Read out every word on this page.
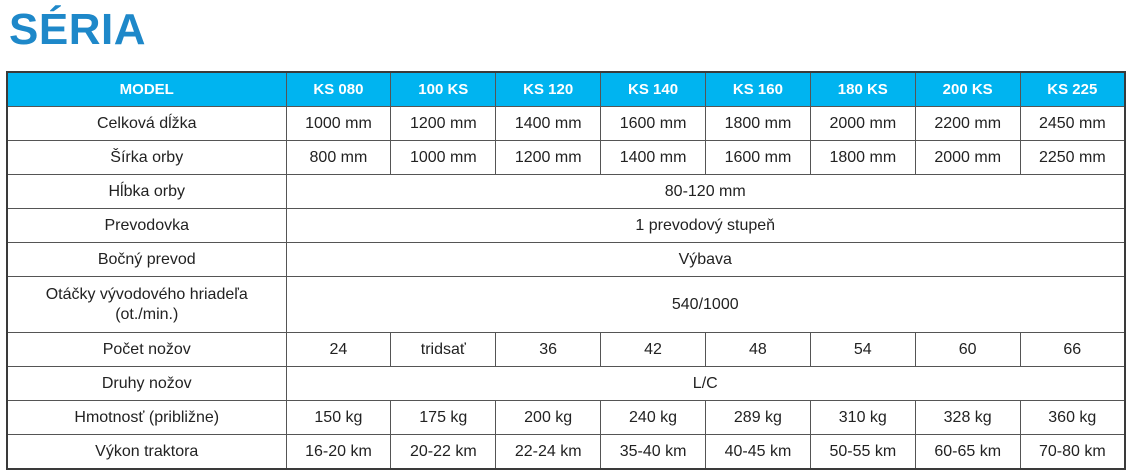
SÉRIA
MODEL	KS 080	100 KS	KS 120	KS 140	KS 160	180 KS	200 KS	KS 225
Celková dĺžka	1000 mm	1200 mm	1400 mm	1600 mm	1800 mm	2000 mm	2200 mm	2450 mm
Šírka orby	800 mm	1000 mm	1200 mm	1400 mm	1600 mm	1800 mm	2000 mm	2250 mm
Hĺbka orby	80-120 mm							
Prevodovka	1 prevodový stupeň							
Bočný prevod	Výbava							
Otáčky vývodového hriadeľa (ot./min.)	540/1000							
Počet nožov	24	tridsať	36	42	48	54	60	66
Druhy nožov	L/C							
Hmotnosť (približne)	150 kg	175 kg	200 kg	240 kg	289 kg	310 kg	328 kg	360 kg
Výkon traktora	16-20 km	20-22 km	22-24 km	35-40 km	40-45 km	50-55 km	60-65 km	70-80 km
